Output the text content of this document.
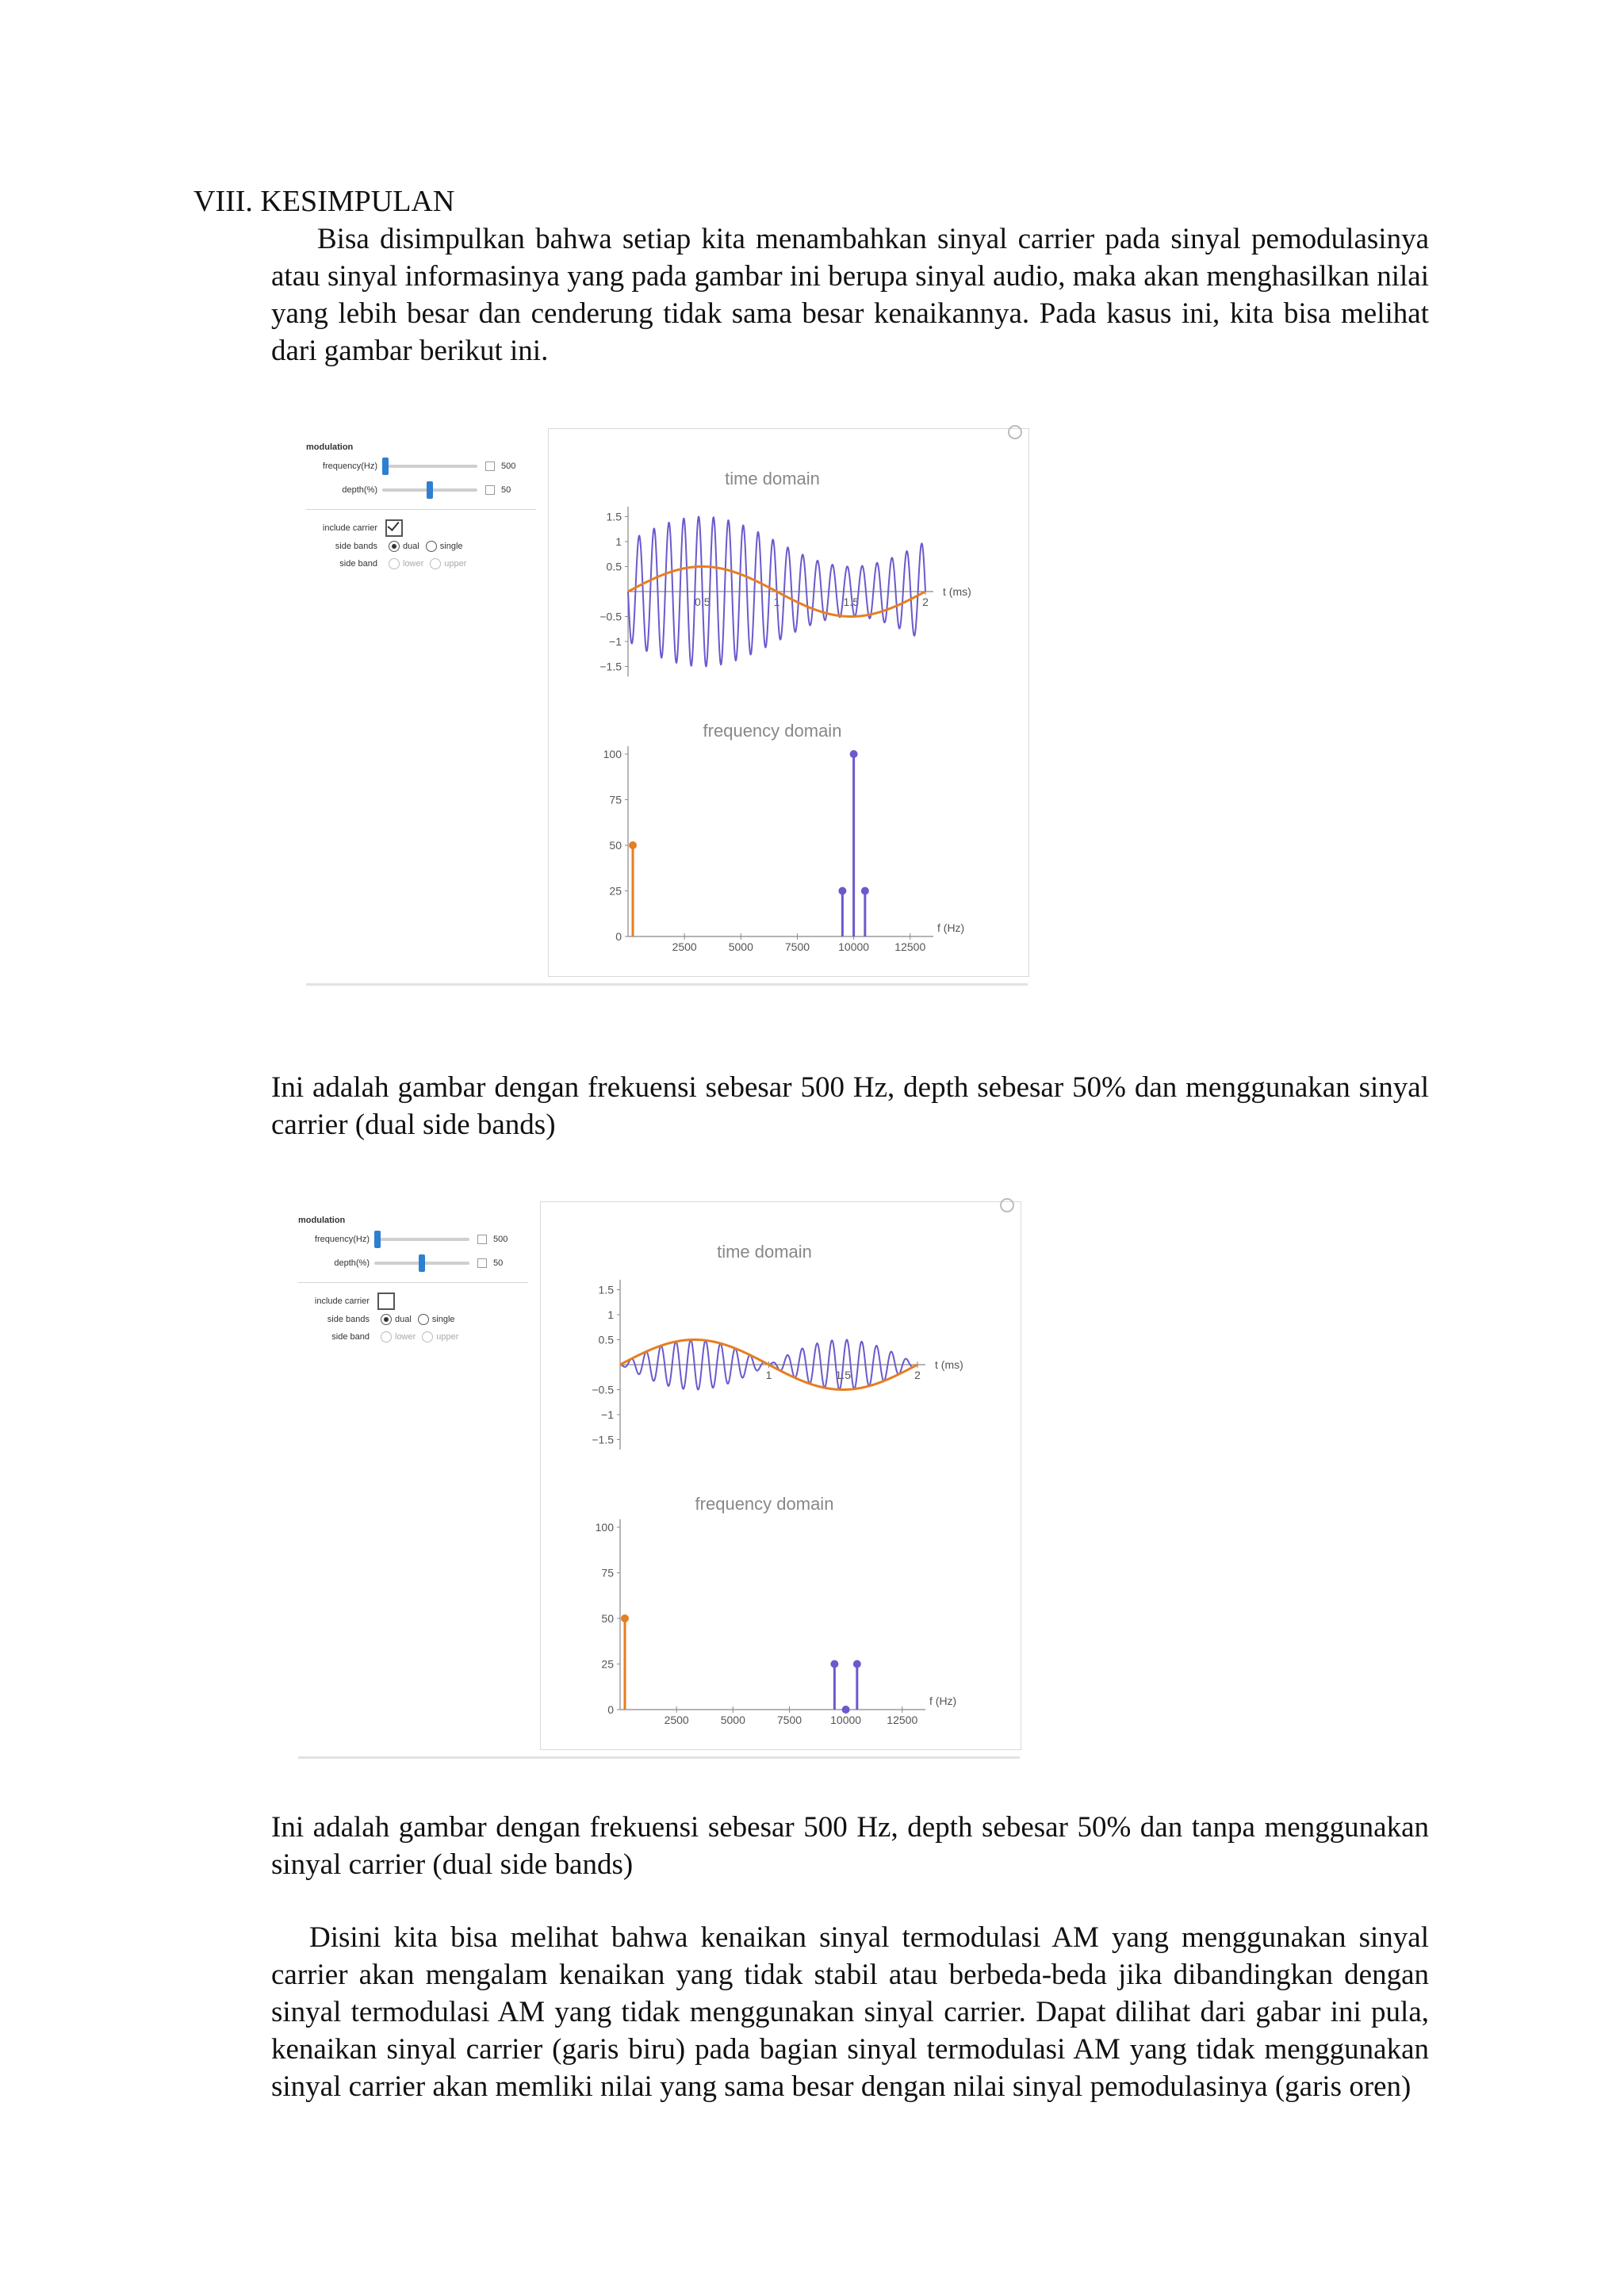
VIII. KESIMPULAN

Bisa disimpulkan bahwa setiap kita menambahkan sinyal carrier pada sinyal pemodulasinya atau sinyal informasinya yang pada gambar ini berupa sinyal audio, maka akan menghasilkan nilai yang lebih besar dan cenderung tidak sama besar kenaikannya. Pada kasus ini, kita bisa melihat dari gambar berikut ini.

modulation
frequency(Hz)	500
depth(%)	50
include carrier
side bands	dual single
side band	lower upper
time domain
1.5
1
0.5
−0.5
−1
−1.5
0.5	1	1.5	2
t (ms)
frequency domain
100
75
50
25
0
2500	5000	7500	10000 12500
f (Hz)

Ini adalah gambar dengan frekuensi sebesar 500 Hz, depth sebesar 50% dan menggunakan sinyal carrier (dual side bands)

modulation
frequency(Hz)	500
depth(%)	50
include carrier
side bands	dual single
side band	lower upper
time domain
1.5
1
0.5
−0.5
−1
−1.5
1	1.5	2
t (ms)
frequency domain
100
75
50
25
0
2500	5000	7500	10000 12500
f (Hz)

Ini adalah gambar dengan frekuensi sebesar 500 Hz, depth sebesar 50% dan tanpa menggunakan sinyal carrier (dual side bands)

Disini kita bisa melihat bahwa kenaikan sinyal termodulasi AM yang menggunakan sinyal carrier akan mengalam kenaikan yang tidak stabil atau berbeda-beda jika dibandingkan dengan sinyal termodulasi AM yang tidak menggunakan sinyal carrier. Dapat dilihat dari gabar ini pula, kenaikan sinyal carrier (garis biru) pada bagian sinyal termodulasi AM yang tidak menggunakan sinyal carrier akan memliki nilai yang sama besar dengan nilai sinyal pemodulasinya (garis oren)
